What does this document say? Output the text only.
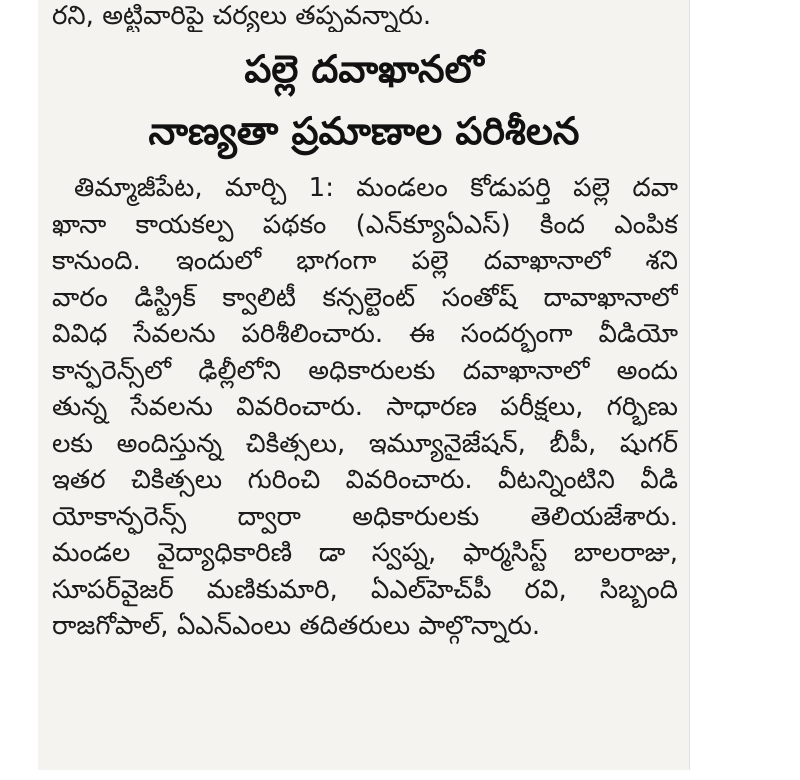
రని, అట్టివారిపై చర్యలు తప్పవన్నారు.
పల్లె దవాఖానలో
నాణ్యతా ప్రమాణాల పరిశీలన
తిమ్మాజీపేట, మార్చి 1: మండలం కోడుపర్తి పల్లె దవా
ఖానా కాయకల్ప పథకం (ఎన్‌క్యూఏఎస్) కింద ఎంపిక
కానుంది. ఇందులో భాగంగా పల్లె దవాఖానాలో శని
వారం డిస్ట్రిక్ క్వాలిటీ కన్సల్టెంట్ సంతోష్ దావాఖానాలో
వివిధ సేవలను పరిశీలించారు. ఈ సందర్భంగా వీడియో
కాన్ఫరెన్స్‌లో ఢిల్లీలోని అధికారులకు దవాఖానాలో అందు
తున్న సేవలను వివరించారు. సాధారణ పరీక్షలు, గర్భిణు
లకు అందిస్తున్న చికిత్సలు, ఇమ్యూనైజేషన్, బీపీ, షుగర్
ఇతర చికిత్సలు గురించి వివరించారు. వీటన్నింటిని వీడి
యోకాన్ఫరెన్స్ ద్వారా అధికారులకు తెలియజేశారు.
మండల వైద్యాధికారిణి డా స్వప్న, ఫార్మసిస్ట్ బాలరాజు,
సూపర్‌వైజర్ మణికుమారి, ఏఎల్‌హెచ్‌పీ రవి, సిబ్బంది
రాజగోపాల్, ఏఎన్‌ఎంలు తదితరులు పాల్గొన్నారు.
